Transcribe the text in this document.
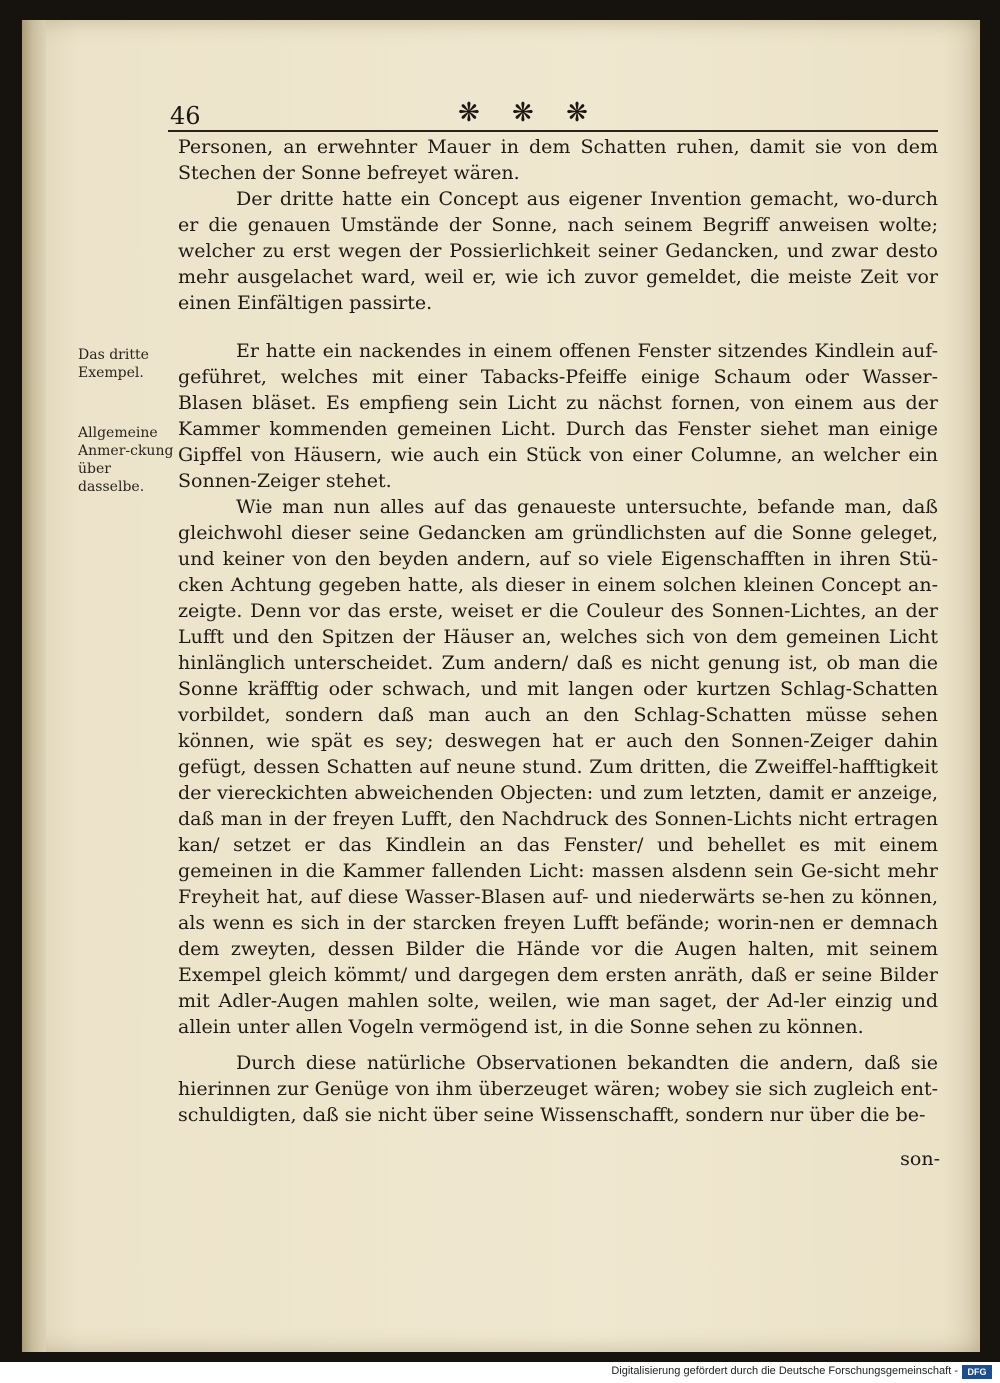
46	❋ ❋ ❋
Das dritte Exempel.
Allgemeine Anmer-ckung über dasselbe.

Personen, an erwehnter Mauer in dem Schatten ruhen, damit sie von dem Stechen der Sonne befreyet wären.

Der dritte hatte ein Concept aus eigener Invention gemacht, wo-durch er die genauen Umstände der Sonne, nach seinem Begriff anweisen wolte; welcher zu erst wegen der Possierlichkeit seiner Gedancken, und zwar desto mehr ausgelachet ward, weil er, wie ich zuvor gemeldet, die meiste Zeit vor einen Einfältigen passirte.

Er hatte ein nackendes in einem offenen Fenster sitzendes Kindlein auf-geführet, welches mit einer Tabacks-Pfeiffe einige Schaum oder Wasser-Blasen bläset. Es empfieng sein Licht zu nächst fornen, von einem aus der Kammer kommenden gemeinen Licht. Durch das Fenster siehet man einige Gipffel von Häusern, wie auch ein Stück von einer Columne, an welcher ein Sonnen-Zeiger stehet.

Wie man nun alles auf das genaueste untersuchte, befande man, daß gleichwohl dieser seine Gedancken am gründlichsten auf die Sonne geleget, und keiner von den beyden andern, auf so viele Eigenschafften in ihren Stü-cken Achtung gegeben hatte, als dieser in einem solchen kleinen Concept an-zeigte. Denn vor das erste, weiset er die Couleur des Sonnen-Lichtes, an der Lufft und den Spitzen der Häuser an, welches sich von dem gemeinen Licht hinlänglich unterscheidet. Zum andern/ daß es nicht genung ist, ob man die Sonne kräfftig oder schwach, und mit langen oder kurtzen Schlag-Schatten vorbildet, sondern daß man auch an den Schlag-Schatten müsse sehen können, wie spät es sey; deswegen hat er auch den Sonnen-Zeiger dahin gefügt, dessen Schatten auf neune stund. Zum dritten, die Zweiffel-hafftigkeit der viereckichten abweichenden Objecten: und zum letzten, damit er anzeige, daß man in der freyen Lufft, den Nachdruck des Sonnen-Lichts nicht ertragen kan/ setzet er das Kindlein an das Fenster/ und behellet es mit einem gemeinen in die Kammer fallenden Licht: massen alsdenn sein Ge-sicht mehr Freyheit hat, auf diese Wasser-Blasen auf- und niederwärts se-hen zu können, als wenn es sich in der starcken freyen Lufft befände; worin-nen er demnach dem zweyten, dessen Bilder die Hände vor die Augen halten, mit seinem Exempel gleich kömmt/ und dargegen dem ersten anräth, daß er seine Bilder mit Adler-Augen mahlen solte, weilen, wie man saget, der Ad-ler einzig und allein unter allen Vogeln vermögend ist, in die Sonne sehen zu können.

Durch diese natürliche Observationen bekandten die andern, daß sie hierinnen zur Genüge von ihm überzeuget wären; wobey sie sich zugleich ent-schuldigten, daß sie nicht über seine Wissenschafft, sondern nur über die be-

son-
Digitalisierung gefördert durch die Deutsche Forschungsgemeinschaft -	DFG
